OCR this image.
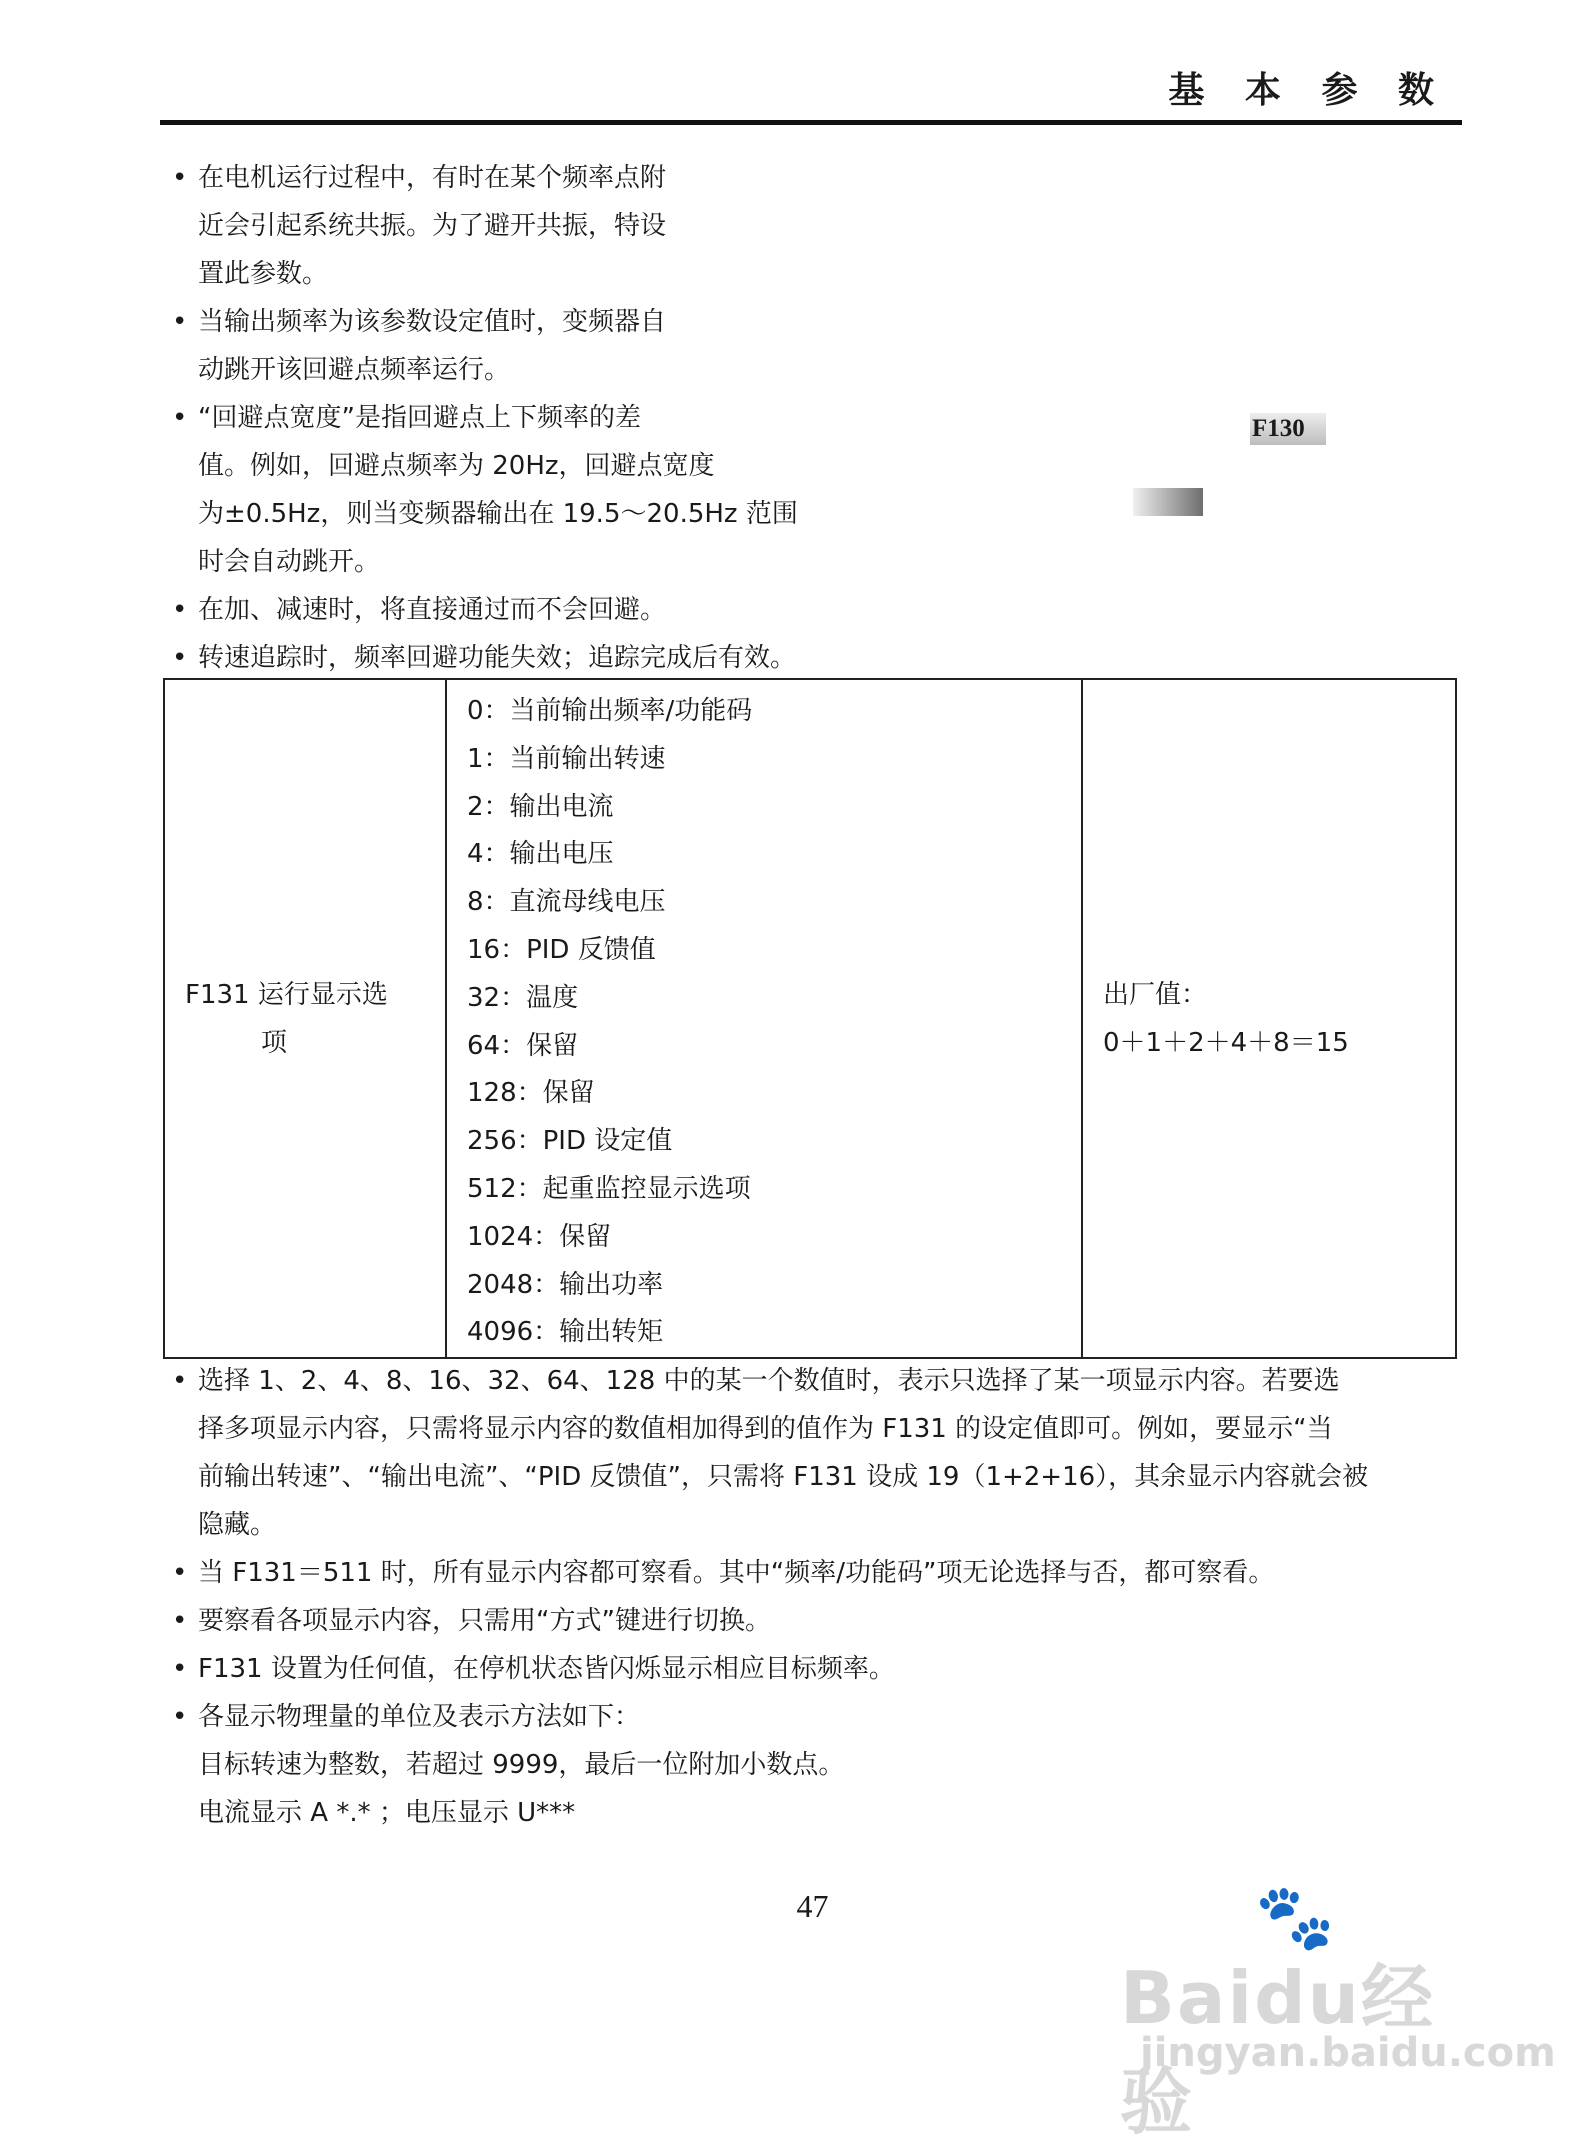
基 本 参 数
• 在电机运行过程中，有时在某个频率点附
近会引起系统共振。为了避开共振，特设
置此参数。
• 当输出频率为该参数设定值时，变频器自
动跳开该回避点频率运行。
• “回避点宽度”是指回避点上下频率的差
值。例如，回避点频率为 20Hz，回避点宽度
为±0.5Hz，则当变频器输出在 19.5～20.5Hz 范围
时会自动跳开。
• 在加、减速时，将直接通过而不会回避。
• 转速追踪时，频率回避功能失效；追踪完成后有效。
F130
F131 运行显示选
项

0：当前输出频率/功能码
1：当前输出转速
2：输出电流
4：输出电压
8：直流母线电压
16：PID 反馈值
32：温度
64：保留
128：保留
256：PID 设定值
512：起重监控显示选项
1024：保留
2048：输出功率
4096：输出转矩

出厂值：
0＋1＋2＋4＋8＝15
• 选择 1、2、4、8、16、32、64、128 中的某一个数值时，表示只选择了某一项显示内容。若要选
择多项显示内容，只需将显示内容的数值相加得到的值作为 F131 的设定值即可。例如，要显示“当
前输出转速”、“输出电流”、“PID 反馈值”，只需将 F131 设成 19（1+2+16），其余显示内容就会被
隐藏。
• 当 F131＝511 时，所有显示内容都可察看。其中“频率/功能码”项无论选择与否，都可察看。
• 要察看各项显示内容，只需用“方式”键进行切换。
• F131 设置为任何值，在停机状态皆闪烁显示相应目标频率。
• 各显示物理量的单位及表示方法如下：
目标转速为整数，若超过 9999，最后一位附加小数点。
电流显示 A *.* ；电压显示 U***
47	🐾
Baidu经验
jingyan.baidu.com
